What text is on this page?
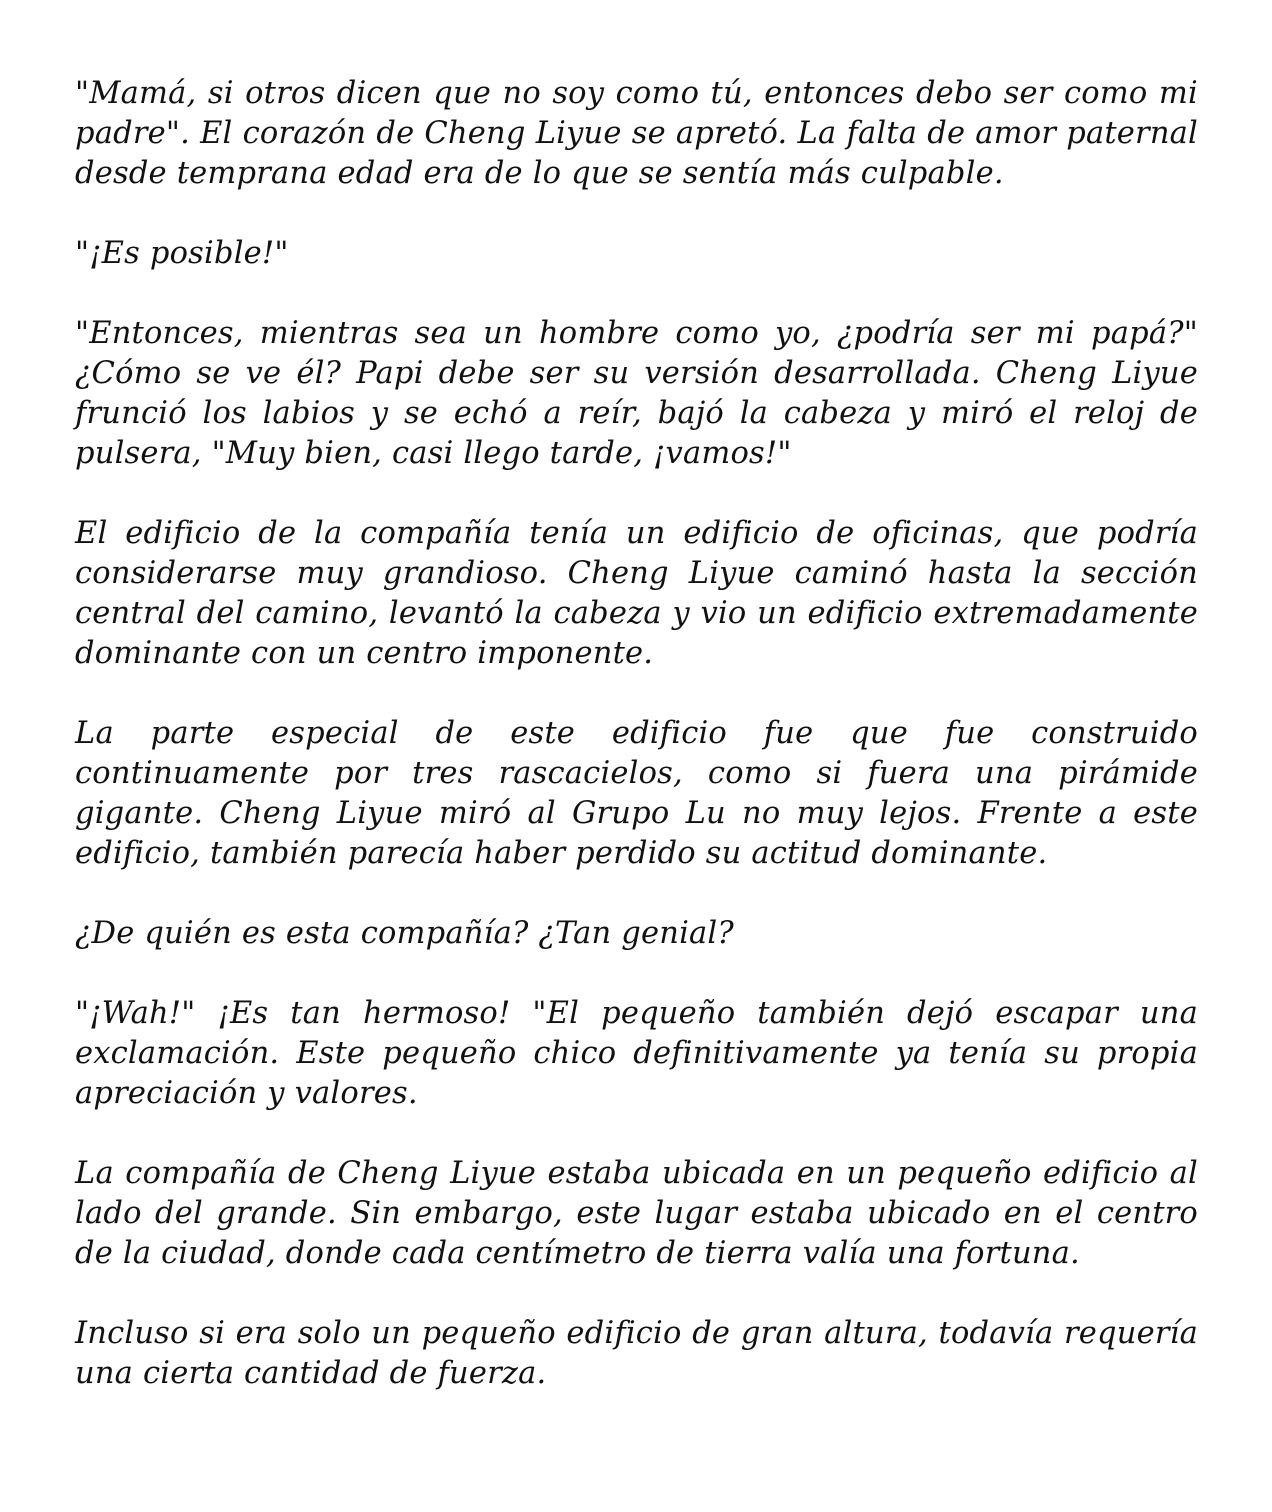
"Mamá, si otros dicen que no soy como tú, entonces debo ser como mi padre". El corazón de Cheng Liyue se apretó. La falta de amor paternal desde temprana edad era de lo que se sentía más culpable.

"¡Es posible!"

"Entonces, mientras sea un hombre como yo, ¿podría ser mi papá?" ¿Cómo se ve él? Papi debe ser su versión desarrollada. Cheng Liyue frunció los labios y se echó a reír, bajó la cabeza y miró el reloj de pulsera, "Muy bien, casi llego tarde, ¡vamos!"

El edificio de la compañía tenía un edificio de oficinas, que podría considerarse muy grandioso. Cheng Liyue caminó hasta la sección central del camino, levantó la cabeza y vio un edificio extremadamente dominante con un centro imponente.

La parte especial de este edificio fue que fue construido continuamente por tres rascacielos, como si fuera una pirámide gigante. Cheng Liyue miró al Grupo Lu no muy lejos. Frente a este edificio, también parecía haber perdido su actitud dominante.

¿De quién es esta compañía? ¿Tan genial?

"¡Wah!" ¡Es tan hermoso! "El pequeño también dejó escapar una exclamación. Este pequeño chico definitivamente ya tenía su propia apreciación y valores.

La compañía de Cheng Liyue estaba ubicada en un pequeño edificio al lado del grande. Sin embargo, este lugar estaba ubicado en el centro de la ciudad, donde cada centímetro de tierra valía una fortuna.

Incluso si era solo un pequeño edificio de gran altura, todavía requería una cierta cantidad de fuerza.
